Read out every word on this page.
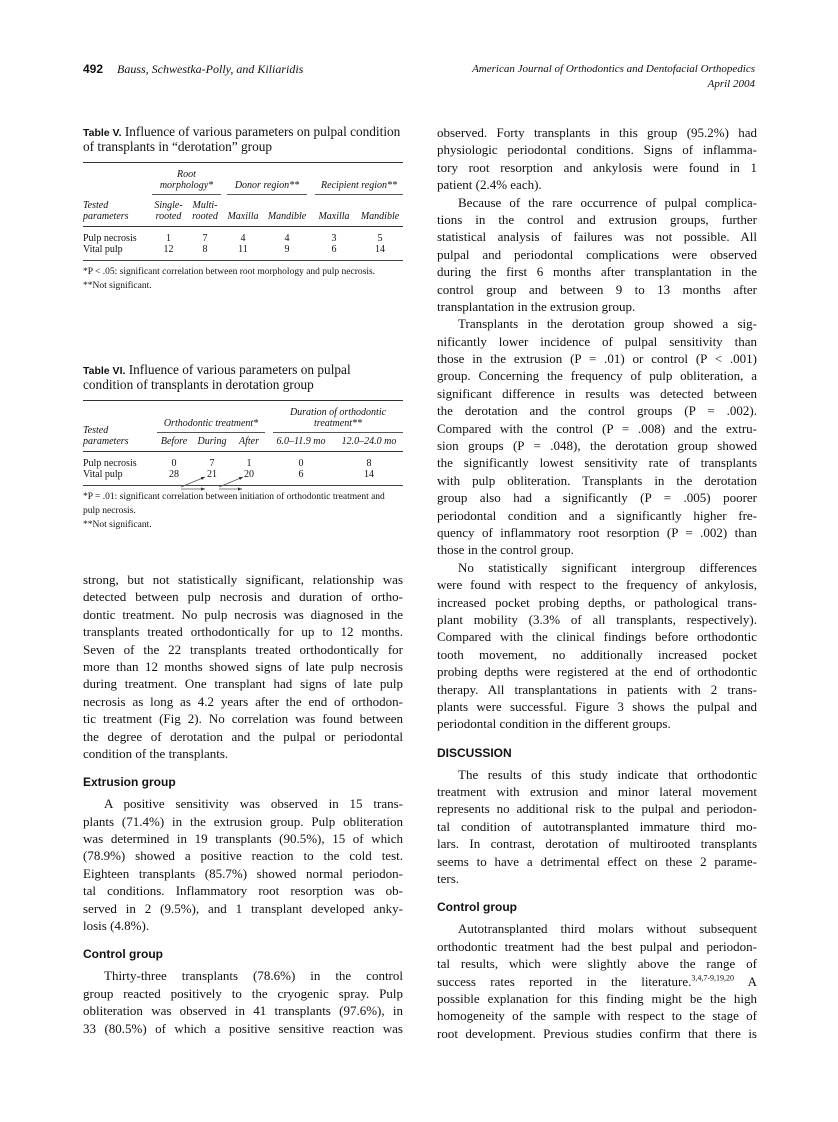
492 Bauss, Schwestka-Polly, and Kiliaridis	American Journal of Orthodontics and Dentofacial Orthopedics
April 2004
Table V. Influence of various parameters on pulpal condition of transplants in “derotation” group

	Root morphology*		Donor region**		Recipient region**	

Tested parameters	Single-rooted	Multi-rooted	Maxilla	Mandible	Maxilla	Mandible
Pulp necrosis	1	7	4	4	3	5
Vital pulp	12	8	11	9	6	14
*P < .05: significant correlation between root morphology and pulp necrosis.
**Not significant.
Table VI. Influence of various parameters on pulpal condition of transplants in derotation group
Tested parameters	Orthodontic treatment*			Duration of orthodontic treatment**	

	Before	During	After	6.0–11.9 mo	12.0–24.0 mo
Pulp necrosis	0	7	1	0	8
Vital pulp	28	21	20	6	14
*P = .01: significant correlation between initiation of orthodontic treatment and pulp necrosis.
**Not significant.
strong, but not statistically significant, relationship was
detected between pulp necrosis and duration of ortho-
dontic treatment. No pulp necrosis was diagnosed in the
transplants treated orthodontically for up to 12 months.
Seven of the 22 transplants treated orthodontically for
more than 12 months showed signs of late pulp necrosis
during treatment. One transplant had signs of late pulp
necrosis as long as 4.2 years after the end of orthodon-
tic treatment (Fig 2). No correlation was found between
the degree of derotation and the pulpal or periodontal
condition of the transplants.
Extrusion group
A positive sensitivity was observed in 15 trans-
plants (71.4%) in the extrusion group. Pulp obliteration
was determined in 19 transplants (90.5%), 15 of which
(78.9%) showed a positive reaction to the cold test.
Eighteen transplants (85.7%) showed normal periodon-
tal conditions. Inflammatory root resorption was ob-
served in 2 (9.5%), and 1 transplant developed anky-
losis (4.8%).
Control group
Thirty-three transplants (78.6%) in the control
group reacted positively to the cryogenic spray. Pulp
obliteration was observed in 41 transplants (97.6%), in
33 (80.5%) of which a positive sensitive reaction was
observed. Forty transplants in this group (95.2%) had
physiologic periodontal conditions. Signs of inflamma-
tory root resorption and ankylosis were found in 1
patient (2.4% each).
Because of the rare occurrence of pulpal complica-
tions in the control and extrusion groups, further
statistical analysis of failures was not possible. All
pulpal and periodontal complications were observed
during the first 6 months after transplantation in the
control group and between 9 to 13 months after
transplantation in the extrusion group.
Transplants in the derotation group showed a sig-
nificantly lower incidence of pulpal sensitivity than
those in the extrusion (P = .01) or control (P < .001)
group. Concerning the frequency of pulp obliteration, a
significant difference in results was detected between
the derotation and the control groups (P = .002).
Compared with the control (P = .008) and the extru-
sion groups (P = .048), the derotation group showed
the significantly lowest sensitivity rate of transplants
with pulp obliteration. Transplants in the derotation
group also had a significantly (P = .005) poorer
periodontal condition and a significantly higher fre-
quency of inflammatory root resorption (P = .002) than
those in the control group.
No statistically significant intergroup differences
were found with respect to the frequency of ankylosis,
increased pocket probing depths, or pathological trans-
plant mobility (3.3% of all transplants, respectively).
Compared with the clinical findings before orthodontic
tooth movement, no additionally increased pocket
probing depths were registered at the end of orthodontic
therapy. All transplantations in patients with 2 trans-
plants were successful. Figure 3 shows the pulpal and
periodontal condition in the different groups.
DISCUSSION
The results of this study indicate that orthodontic
treatment with extrusion and minor lateral movement
represents no additional risk to the pulpal and periodon-
tal condition of autotransplanted immature third mo-
lars. In contrast, derotation of multirooted transplants
seems to have a detrimental effect on these 2 parame-
ters.
Control group
Autotransplanted third molars without subsequent
orthodontic treatment had the best pulpal and periodon-
tal results, which were slightly above the range of
success rates reported in the literature.$^{3,4,7-9,19,20}$ A
possible explanation for this finding might be the high
homogeneity of the sample with respect to the stage of
root development. Previous studies confirm that there is
